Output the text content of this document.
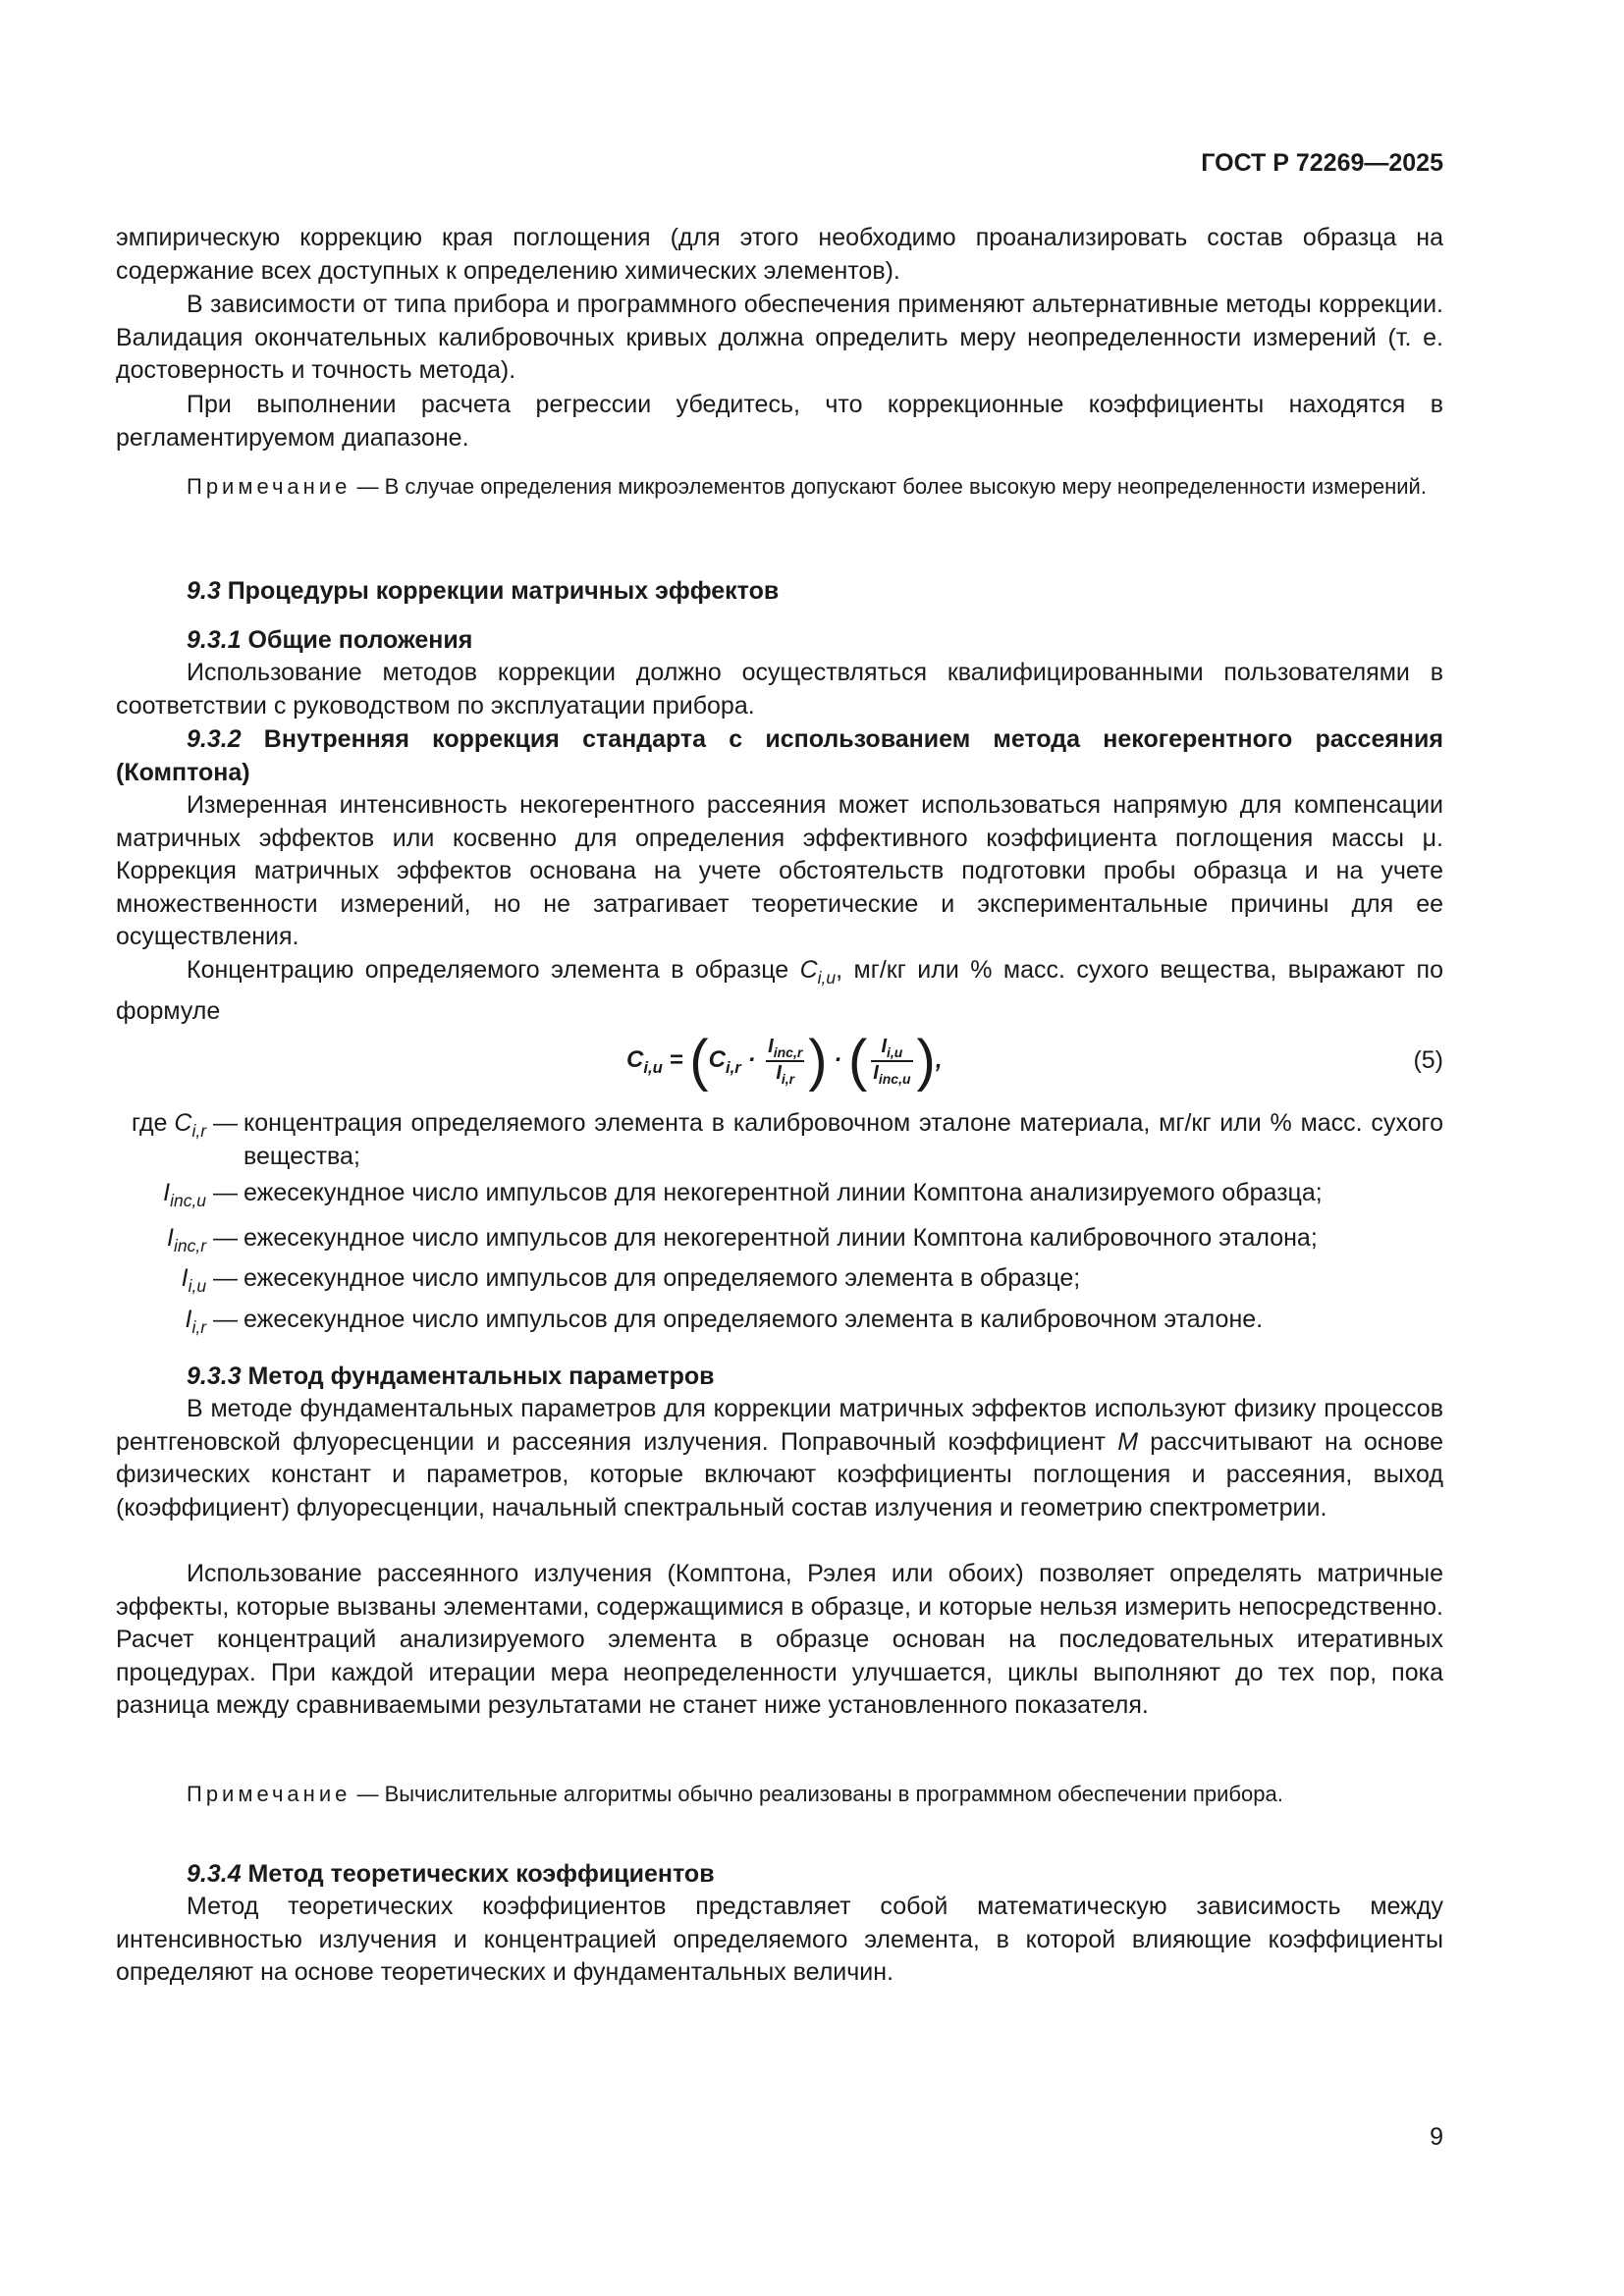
ГОСТ Р 72269—2025

эмпирическую коррекцию края поглощения (для этого необходимо проанализировать состав образца на содержание всех доступных к определению химических элементов).

В зависимости от типа прибора и программного обеспечения применяют альтернативные методы коррекции. Валидация окончательных калибровочных кривых должна определить меру неопределенности измерений (т. е. достоверность и точность метода).

При выполнении расчета регрессии убедитесь, что коррекционные коэффициенты находятся в регламентируемом диапазоне.

Примечание — В случае определения микроэлементов допускают более высокую меру неопределенности измерений.

9.3 Процедуры коррекции матричных эффектов

9.3.1 Общие положения

Использование методов коррекции должно осуществляться квалифицированными пользователями в соответствии с руководством по эксплуатации прибора.

9.3.2 Внутренняя коррекция стандарта с использованием метода некогерентного рассеяния (Комптона)

Измеренная интенсивность некогерентного рассеяния может использоваться напрямую для компенсации матричных эффектов или косвенно для определения эффективного коэффициента поглощения массы μ. Коррекция матричных эффектов основана на учете обстоятельств подготовки пробы образца и на учете множественности измерений, но не затрагивает теоретические и экспериментальные причины для ее осуществления.

Концентрацию определяемого элемента в образце $C_{i,u}$, мг/кг или % масс. сухого вещества, выражают по формуле

$C_{i,u} = (C_{i,r} \cdot \frac{I_{inc,r}}{I_{i,r}}$ ) · ( $\frac{I_{i,u}}{I_{inc,u}}$ ),	(5)
где $C_{i,r}$ — концентрация определяемого элемента в калибровочном эталоне материала, мг/кг или % масс. сухого вещества;
$I_{inc,u}$ — ежесекундное число импульсов для некогерентной линии Комптона анализируемого образца;
$I_{inc,r}$ — ежесекундное число импульсов для некогерентной линии Комптона калибровочного эталона;
$I_{i,u}$ — ежесекундное число импульсов для определяемого элемента в образце;
$I_{i,r}$ — ежесекундное число импульсов для определяемого элемента в калибровочном эталоне.

9.3.3 Метод фундаментальных параметров

В методе фундаментальных параметров для коррекции матричных эффектов используют физику процессов рентгеновской флуоресценции и рассеяния излучения. Поправочный коэффициент M рассчитывают на основе физических констант и параметров, которые включают коэффициенты поглощения и рассеяния, выход (коэффициент) флуоресценции, начальный спектральный состав излучения и геометрию спектрометрии.

Использование рассеянного излучения (Комптона, Рэлея или обоих) позволяет определять матричные эффекты, которые вызваны элементами, содержащимися в образце, и которые нельзя измерить непосредственно. Расчет концентраций анализируемого элемента в образце основан на последовательных итеративных процедурах. При каждой итерации мера неопределенности улучшается, циклы выполняют до тех пор, пока разница между сравниваемыми результатами не станет ниже установленного показателя.

Примечание — Вычислительные алгоритмы обычно реализованы в программном обеспечении прибора.

9.3.4 Метод теоретических коэффициентов

Метод теоретических коэффициентов представляет собой математическую зависимость между интенсивностью излучения и концентрацией определяемого элемента, в которой влияющие коэффициенты определяют на основе теоретических и фундаментальных величин.

9
